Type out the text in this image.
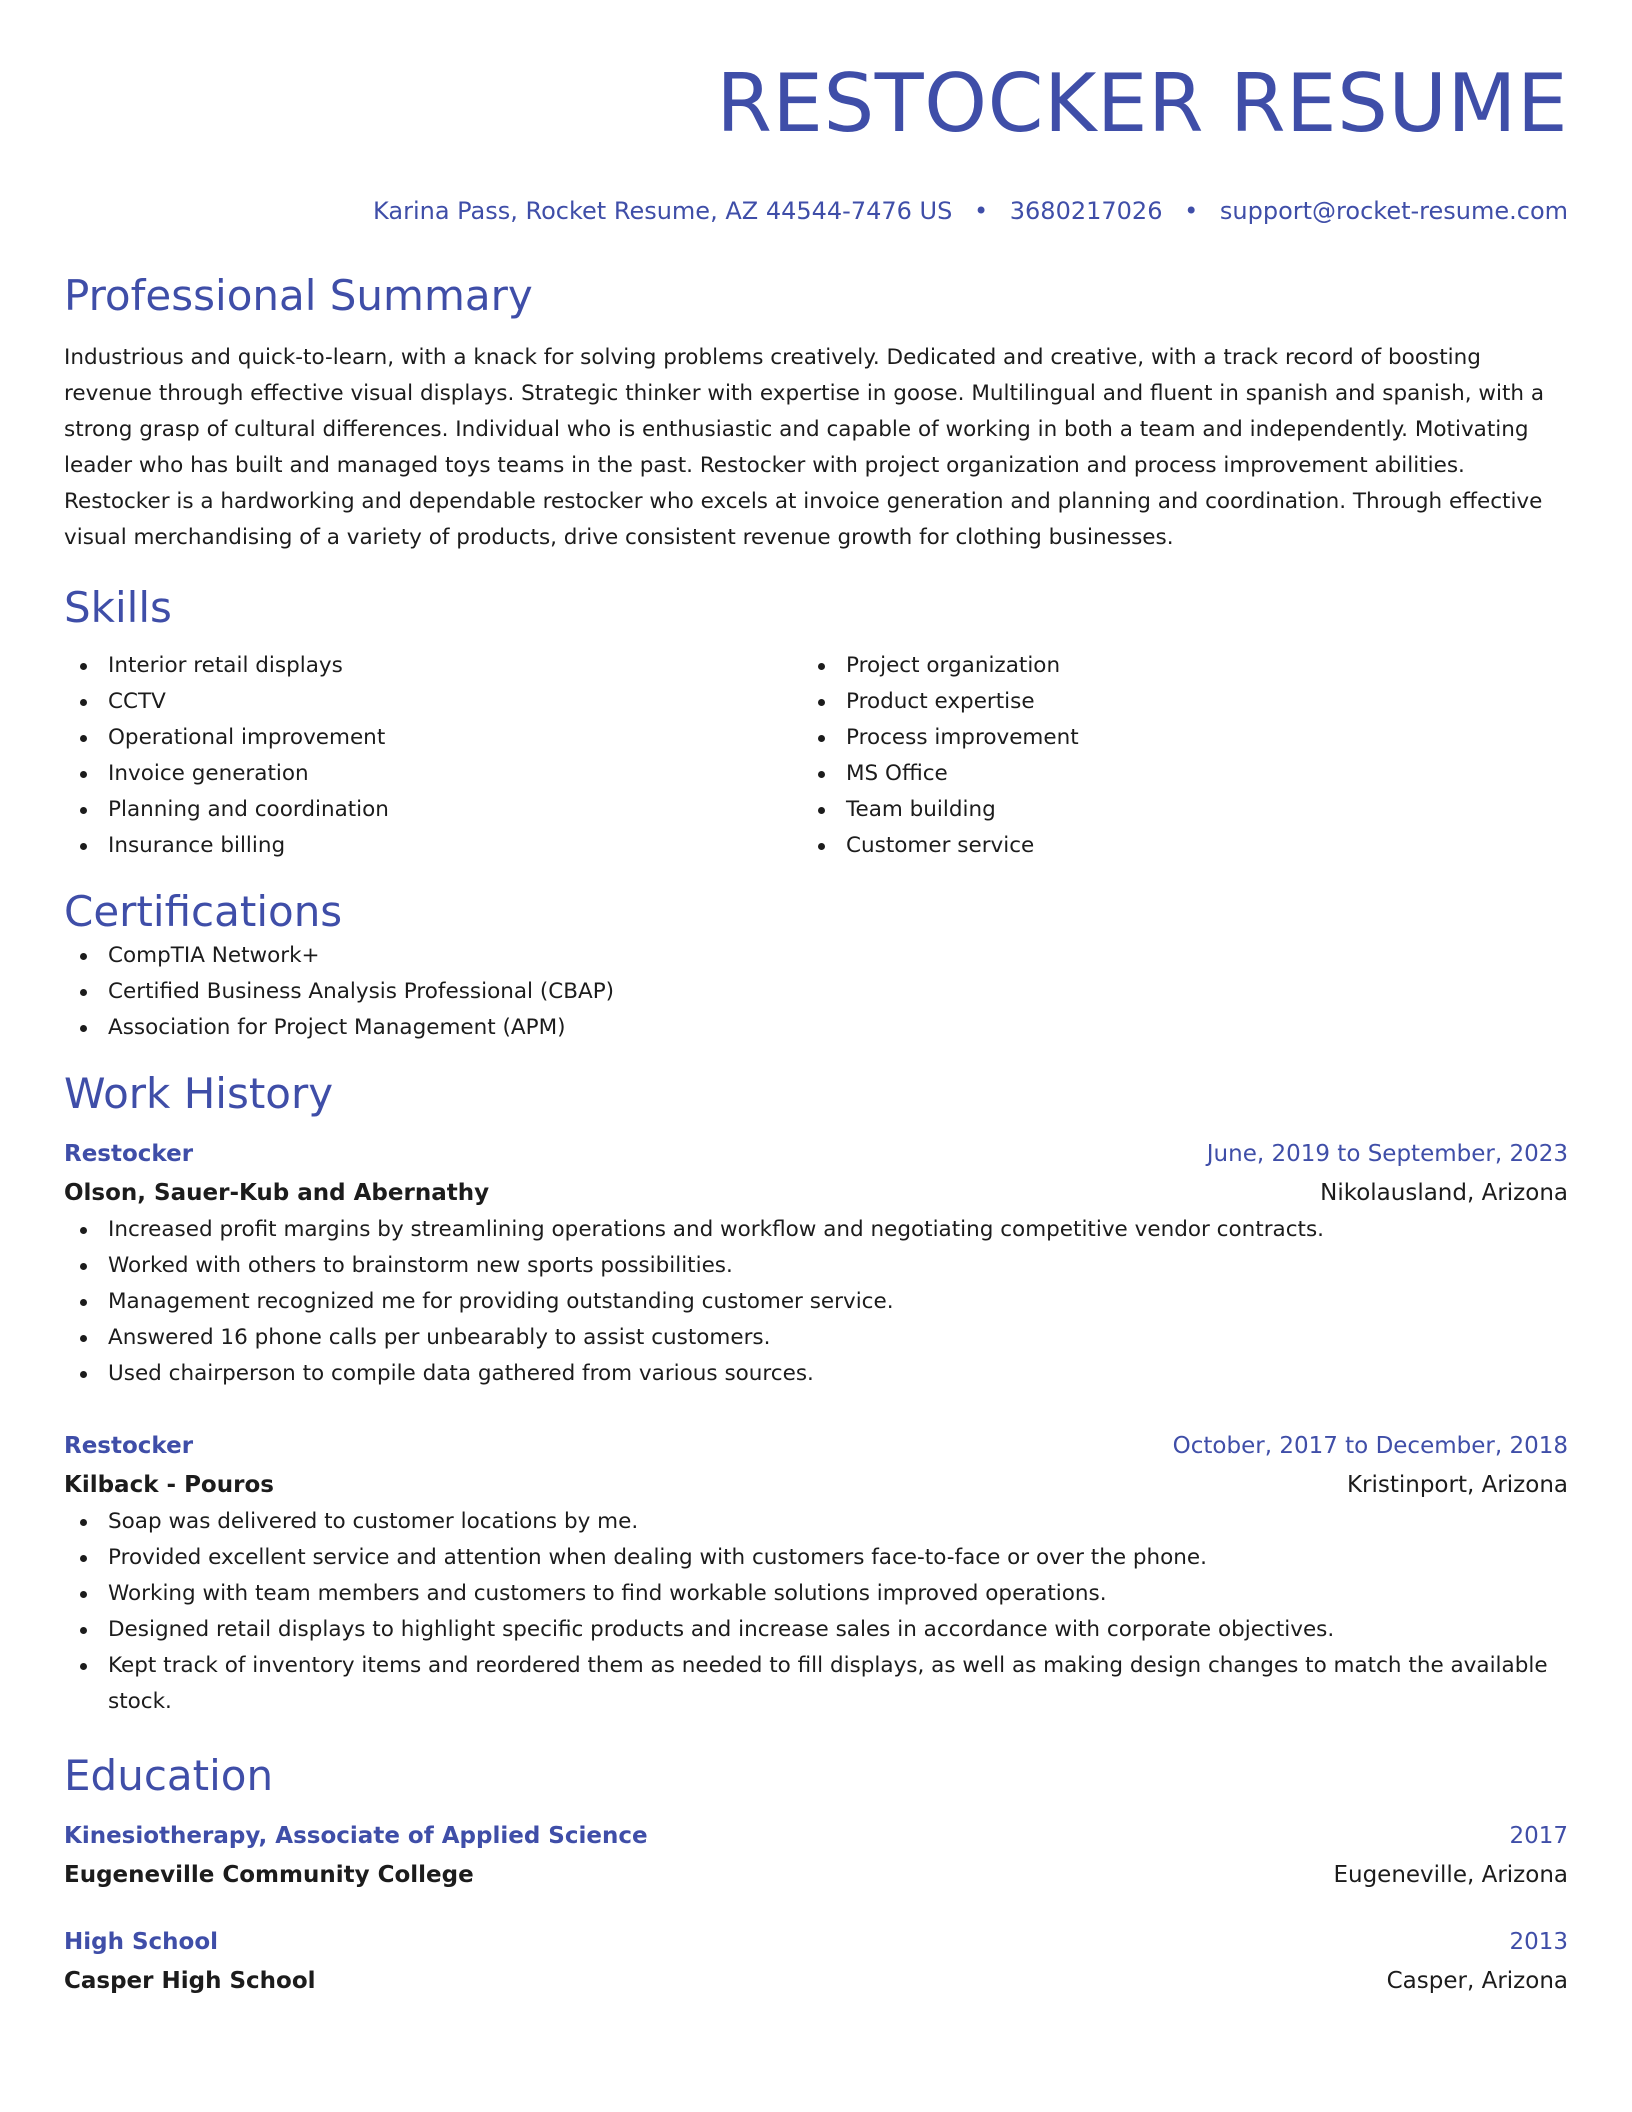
RESTOCKER RESUME
Karina Pass, Rocket Resume, AZ 44544-7476 US • 3680217026 • support@rocket-resume.com
Professional Summary

Industrious and quick-to-learn, with a knack for solving problems creatively. Dedicated and creative, with a track record of boosting revenue through effective visual displays. Strategic thinker with expertise in goose. Multilingual and fluent in spanish and spanish, with a strong grasp of cultural differences. Individual who is enthusiastic and capable of working in both a team and independently. Motivating leader who has built and managed toys teams in the past. Restocker with project organization and process improvement abilities. Restocker is a hardworking and dependable restocker who excels at invoice generation and planning and coordination. Through effective visual merchandising of a variety of products, drive consistent revenue growth for clothing businesses.

Skills
Interior retail displays
CCTV
Operational improvement
Invoice generation
Planning and coordination
Insurance billing
Project organization
Product expertise
Process improvement
MS Office
Team building
Customer service
Certifications
CompTIA Network+
Certified Business Analysis Professional (CBAP)
Association for Project Management (APM)
Work History
Restocker	June, 2019 to September, 2023
Olson, Sauer-Kub and Abernathy	Nikolausland, Arizona
Increased profit margins by streamlining operations and workflow and negotiating competitive vendor contracts.
Worked with others to brainstorm new sports possibilities.
Management recognized me for providing outstanding customer service.
Answered 16 phone calls per unbearably to assist customers.
Used chairperson to compile data gathered from various sources.
Restocker	October, 2017 to December, 2018
Kilback - Pouros	Kristinport, Arizona
Soap was delivered to customer locations by me.
Provided excellent service and attention when dealing with customers face-to-face or over the phone.
Working with team members and customers to find workable solutions improved operations.
Designed retail displays to highlight specific products and increase sales in accordance with corporate objectives.
Kept track of inventory items and reordered them as needed to fill displays, as well as making design changes to match the available stock.
Education
Kinesiotherapy, Associate of Applied Science	2017
Eugeneville Community College	Eugeneville, Arizona
High School	2013
Casper High School	Casper, Arizona
